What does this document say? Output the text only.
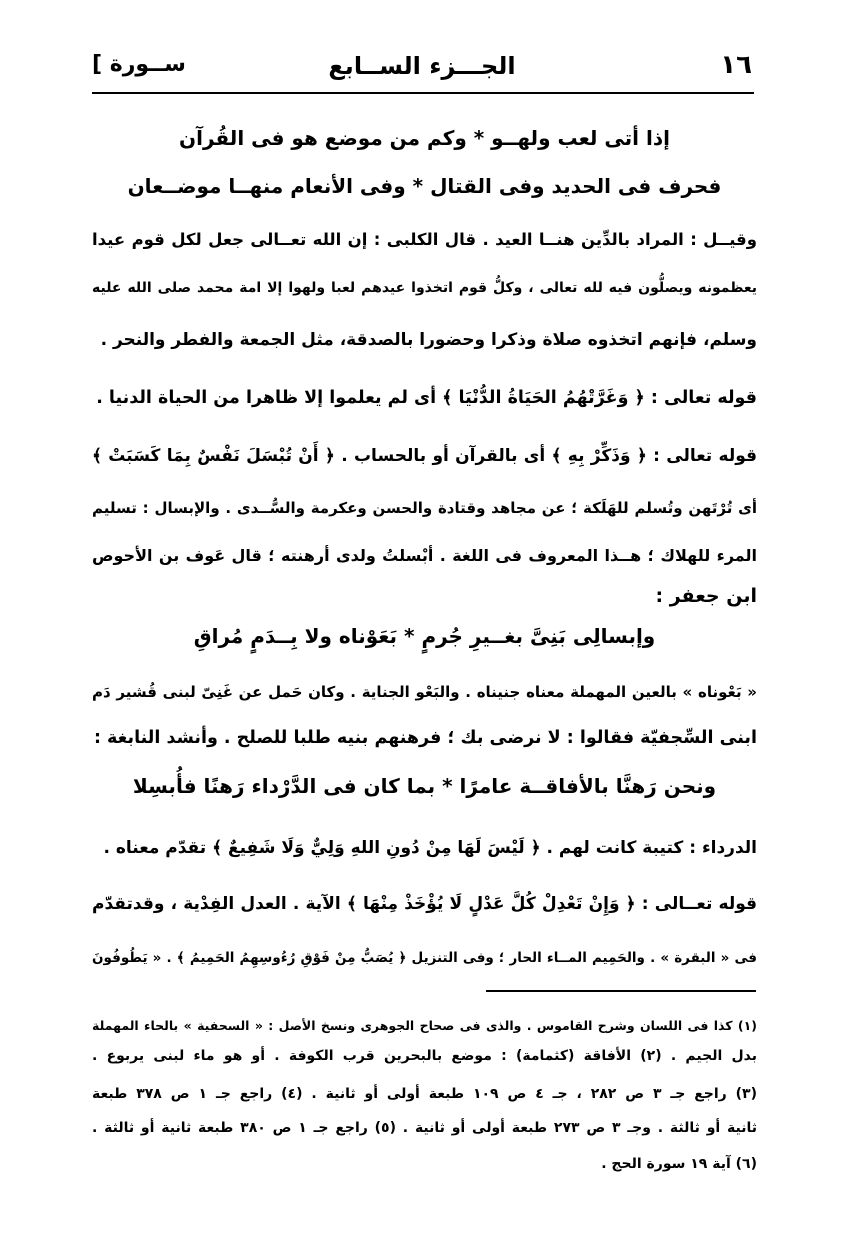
١٦
الجـــزء الســابع
[ ســورة
إذا أتى لعب ولهــو * وكم من موضع هو فى القُرآن
فحرف فى الحديد وفى القتال * وفى الأنعام منهــا موضــعان
وقيــل : المراد بالدِّين هنــا العيد . قال الكلبى : إن الله تعــالى جعل لكل قوم عيدا
يعظمونه ويصلُّون فيه لله تعالى ، وكلُّ قوم اتخذوا عيدهم لعبا ولهوا إلا امة محمد صلى الله عليه
وسلم، فإنهم اتخذوه صلاة وذكرا وحضورا بالصدقة، مثل الجمعة والفطر والنحر .
قوله تعالى : ﴿ وَغَرَّتْهُمُ الحَيَاةُ الدُّنْيَا ﴾ أى لم يعلموا إلا ظاهرا من الحياة الدنيا .
قوله تعالى : ﴿ وَذَكِّرْ بِهِ ﴾ أى بالقرآن أو بالحساب . ﴿ أَنْ تُبْسَلَ نَفْسٌ بِمَا كَسَبَتْ ﴾
أى تُرْتَهن وتُسلم للهَلَكة ؛ عن مجاهد وقتادة والحسن وعكرمة والسُّــدى . والإبسال : تسليم
المرء للهلاك ؛ هــذا المعروف فى اللغة . أبْسلتُ ولدى أرهنته ؛ قال عَوف بن الأحوص
ابن جعفر :
وإبسالِى بَنِىَّ بغــيرِ جُرمٍ * بَعَوْناه ولا بِــدَمٍ مُراقِ
« بَعْوناه » بالعين المهملة معناه جنيناه . والبَعْو الجناية . وكان حَمل عن غَنِىّ لبنى قُشير دَم
ابنى السِّجفيّة فقالوا : لا نرضى بك ؛ فرهنهم بنيه طلبا للصلح . وأنشد النابغة :
ونحن رَهنَّا بالأفاقــة عامرًا * بما كان فى الدَّرْداء رَهنًا فأُبسِلا
الدرداء : كتيبة كانت لهم . ﴿ لَيْسَ لَهَا مِنْ دُونِ اللهِ وَلِيٌّ وَلَا شَفِيعٌ ﴾ تقدّم معناه .
قوله تعــالى : ﴿ وَإِنْ تَعْدِلْ كُلَّ عَدْلٍ لَا يُؤْخَذْ مِنْهَا ﴾ الآية . العدل الفِدْية ، وقدتقدّم
فى « البقرة » . والحَمِيم المــاء الحار ؛ وفى التنزيل ﴿ يُصَبُّ مِنْ فَوْقِ رُءُوسِهِمُ الحَمِيمُ ﴾ . « يَطُوفُونَ
(١) كذا فى اللسان وشرح القاموس . والذى فى صحاح الجوهرى ونسخ الأصل : « السحفية » بالحاء المهملة
بدل الجيم . (٢) الأفاقة (كثمامة) : موضع بالبحرين قرب الكوفة . أو هو ماء لبنى يربوع .
(٣) راجع جـ ٣ ص ٢٨٢ ، جـ ٤ ص ١٠٩ طبعة أولى أو ثانية . (٤) راجع جـ ١ ص ٣٧٨ طبعة
ثانية أو ثالثة . وجـ ٣ ص ٢٧٣ طبعة أولى أو ثانية . (٥) راجع جـ ١ ص ٣٨٠ طبعة ثانية أو ثالثة .
(٦) آية ١٩ سورة الحج .
